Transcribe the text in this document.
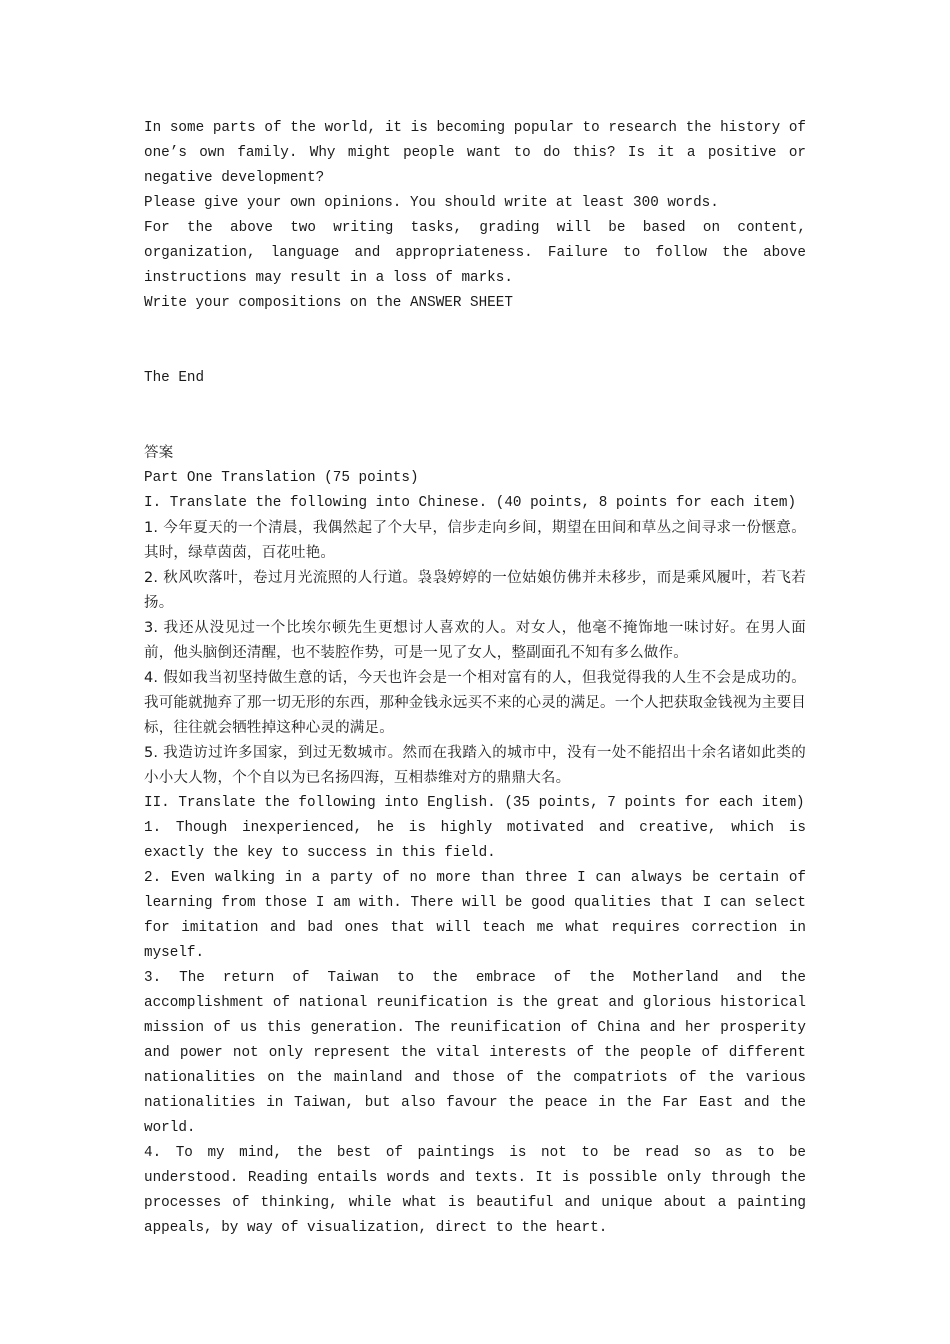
In some parts of the world, it is becoming popular to research the history of one’s own family. Why might people want to do this? Is it a positive or negative development?

Please give your own opinions. You should write at least 300 words.

For the above two writing tasks, grading will be based on content, organization, language and appropriateness. Failure to follow the above instructions may result in a loss of marks.

Write your compositions on the ANSWER SHEET

The End

答案

Part One Translation (75 points)

I. Translate the following into Chinese. (40 points, 8 points for each item)

1. 今年夏天的一个清晨，我偶然起了个大早，信步走向乡间，期望在田间和草丛之间寻求一份惬意。其时，绿草茵茵，百花吐艳。

2. 秋风吹落叶，卷过月光流照的人行道。袅袅婷婷的一位姑娘仿佛并未移步，而是乘风履叶，若飞若扬。

3. 我还从没见过一个比埃尔顿先生更想讨人喜欢的人。对女人，他毫不掩饰地一味讨好。在男人面前，他头脑倒还清醒，也不装腔作势，可是一见了女人，整副面孔不知有多么做作。

4. 假如我当初坚持做生意的话，今天也许会是一个相对富有的人，但我觉得我的人生不会是成功的。我可能就抛弃了那一切无形的东西，那种金钱永远买不来的心灵的满足。一个人把获取金钱视为主要目标，往往就会牺牲掉这种心灵的满足。

5. 我造访过许多国家，到过无数城市。然而在我踏入的城市中，没有一处不能招出十余名诸如此类的小小大人物，个个自以为已名扬四海，互相恭维对方的鼎鼎大名。

II. Translate the following into English. (35 points, 7 points for each item)

1. Though inexperienced, he is highly motivated and creative, which is exactly the key to success in this field.

2. Even walking in a party of no more than three I can always be certain of learning from those I am with. There will be good qualities that I can select for imitation and bad ones that will teach me what requires correction in myself.

3. The return of Taiwan to the embrace of the Motherland and the accomplishment of national reunification is the great and glorious historical mission of us this generation. The reunification of China and her prosperity and power not only represent the vital interests of the people of different nationalities on the mainland and those of the compatriots of the various nationalities in Taiwan, but also favour the peace in the Far East and the world.

4. To my mind, the best of paintings is not to be read so as to be understood. Reading entails words and texts. It is possible only through the processes of thinking, while what is beautiful and unique about a painting appeals, by way of visualization, direct to the heart.
